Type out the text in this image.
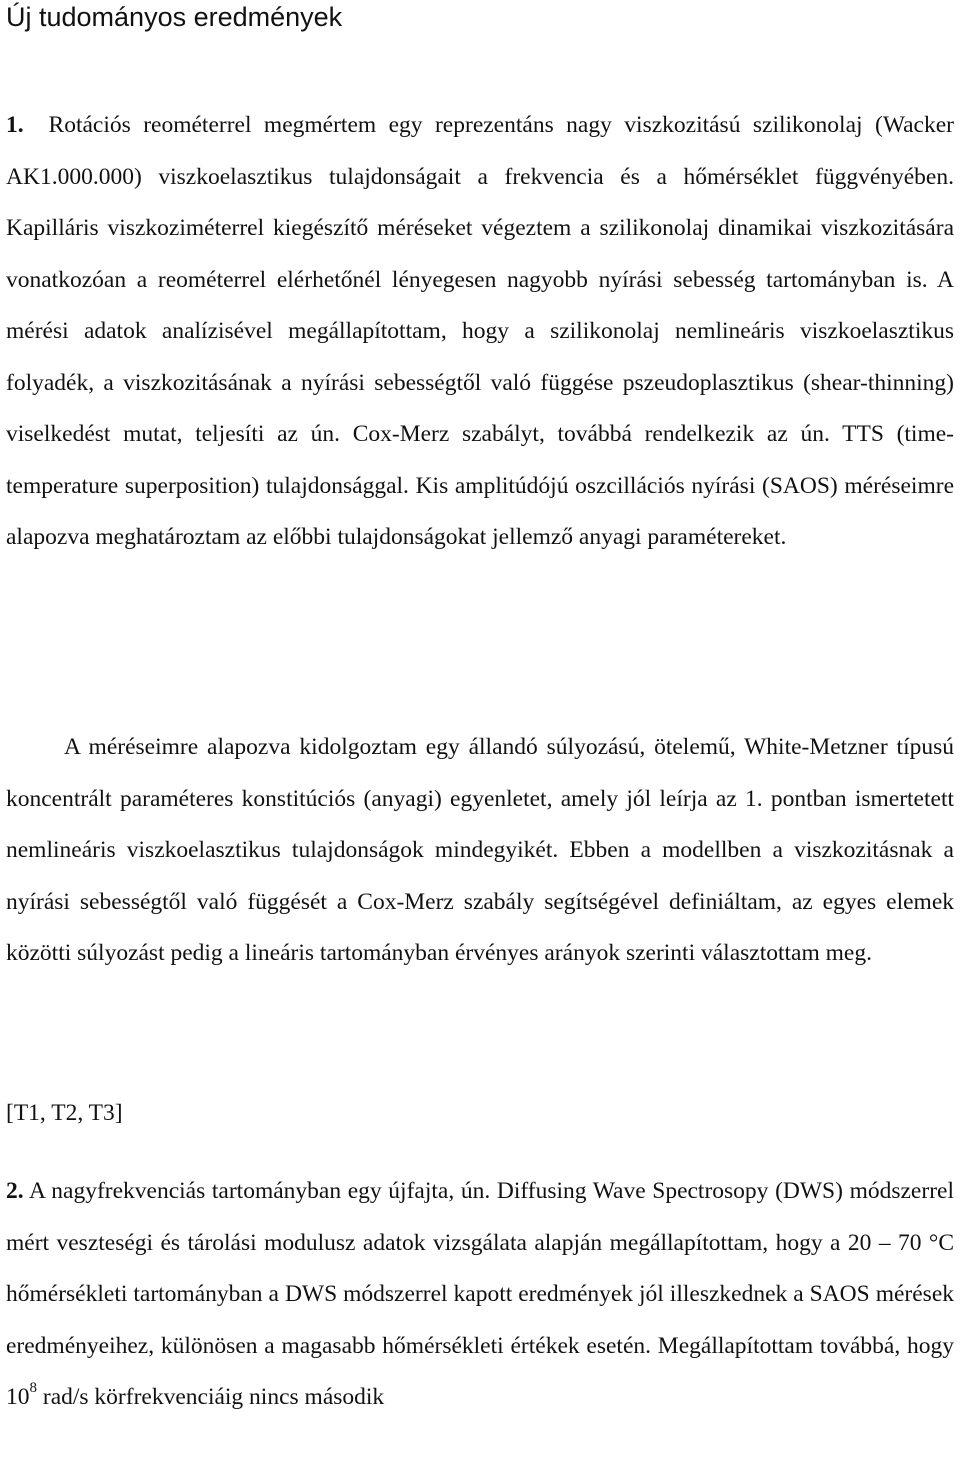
Új tudományos eredmények

1. Rotációs reométerrel megmértem egy reprezentáns nagy viszkozitású szilikonolaj (Wacker AK1.000.000) viszkoelasztikus tulajdonságait a frekvencia és a hőmérséklet függvényében. Kapilláris viszkoziméterrel kiegészítő méréseket végeztem a szilikonolaj dinamikai viszkozitására vonatkozóan a reométerrel elérhetőnél lényegesen nagyobb nyírási sebesség tartományban is. A mérési adatok analízisével megállapítottam, hogy a szilikonolaj nemlineáris viszkoelasztikus folyadék, a viszkozitásának a nyírási sebességtől való függése pszeudoplasztikus (shear-thinning) viselkedést mutat, teljesíti az ún. Cox-Merz szabályt, továbbá rendelkezik az ún. TTS (time-temperature superposition) tulajdonsággal. Kis amplitúdójú oszcillációs nyírási (SAOS) méréseimre alapozva meghatároztam az előbbi tulajdonságokat jellemző anyagi paramétereket.

A méréseimre alapozva kidolgoztam egy állandó súlyozású, ötelemű, White-Metzner típusú koncentrált paraméteres konstitúciós (anyagi) egyenletet, amely jól leírja az 1. pontban ismertetett nemlineáris viszkoelasztikus tulajdonságok mindegyikét. Ebben a modellben a viszkozitásnak a nyírási sebességtől való függését a Cox-Merz szabály segítségével definiáltam, az egyes elemek közötti súlyozást pedig a lineáris tartományban érvényes arányok szerinti választottam meg.

[T1, T2, T3]

2. A nagyfrekvenciás tartományban egy újfajta, ún. Diffusing Wave Spectrosopy (DWS) módszerrel mért veszteségi és tárolási modulusz adatok vizsgálata alapján megállapítottam, hogy a 20 – 70 °C hőmérsékleti tartományban a DWS módszerrel kapott eredmények jól illeszkednek a SAOS mérések eredményeihez, különösen a magasabb hőmérsékleti értékek esetén. Megállapítottam továbbá, hogy $10^8$ rad/s körfrekvenciáig nincs második
